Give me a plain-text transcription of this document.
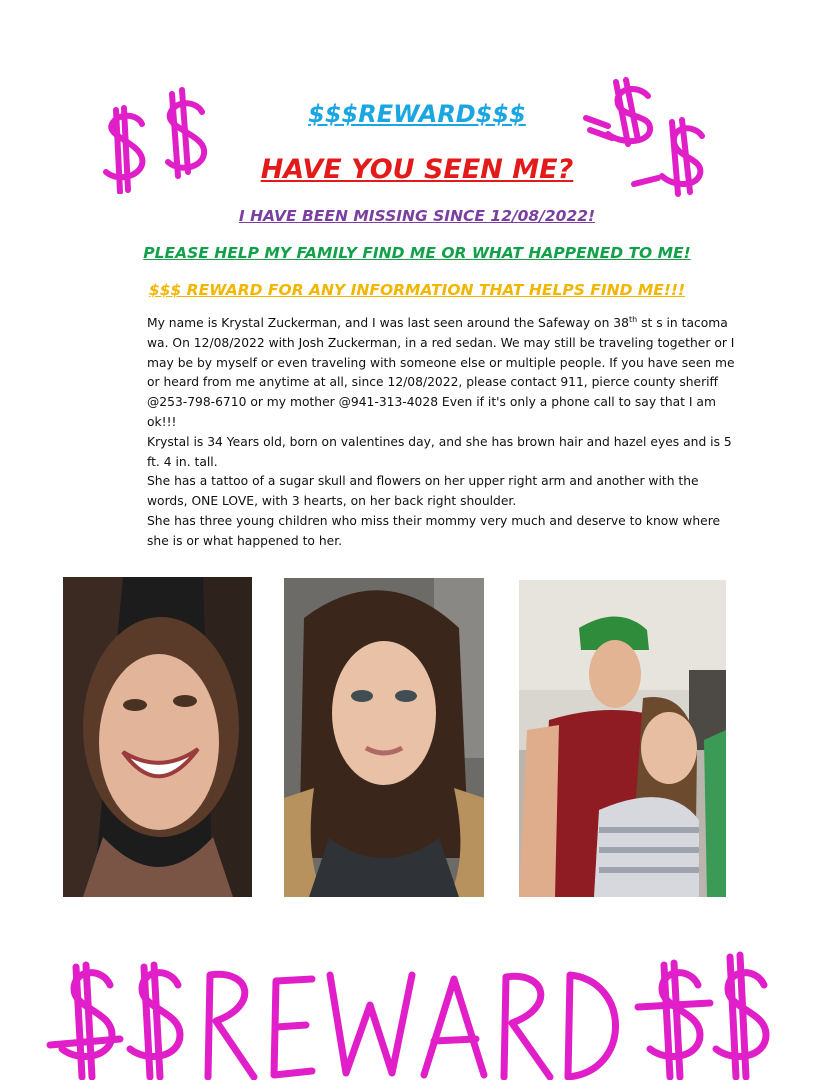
$$$REWARD$$$
HAVE YOU SEEN ME?
I HAVE BEEN MISSING SINCE 12/08/2022!
PLEASE HELP MY FAMILY FIND ME OR WHAT HAPPENED TO ME!
$$$ REWARD FOR ANY INFORMATION THAT HELPS FIND ME!!!

My name is Krystal Zuckerman, and I was last seen around the Safeway on 38th st s in tacoma wa. On 12/08/2022 with Josh Zuckerman, in a red sedan. We may still be traveling together or I may be by myself or even traveling with someone else or multiple people. If you have seen me or heard from me anytime at all, since 12/08/2022, please contact 911, pierce county sheriff @253-798-6710 or my mother @941-313-4028 Even if it's only a phone call to say that I am ok!!!

Krystal is 34 Years old, born on valentines day, and she has brown hair and hazel eyes and is 5 ft. 4 in. tall.

She has a tattoo of a sugar skull and flowers on her upper right arm and another with the words, ONE LOVE, with 3 hearts, on her back right shoulder.

She has three young children who miss their mommy very much and deserve to know where she is or what happened to her.
